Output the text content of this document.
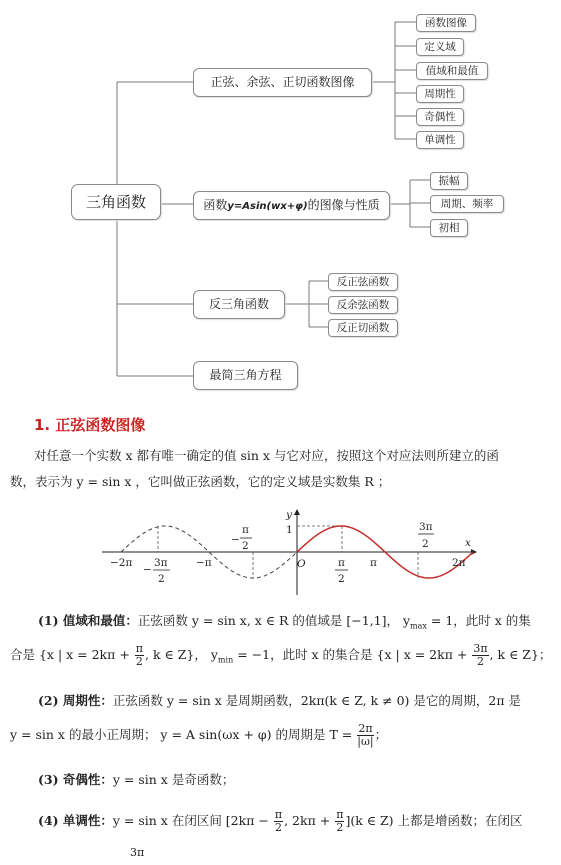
三角函数
正弦、余弦、正切函数图像
函数y=Asin(wx+φ)的图像与性质
反三角函数
最简三角方程
函数图像
定义域
值域和最值
周期性
奇偶性
单调性
振幅
周期、频率
初相
反正弦函数
反余弦函数
反正切函数
1. 正弦函数图像
对任意一个实数 x 都有唯一确定的值 sin x 与它对应，按照这个对应法则所建立的函
数，表示为 y = sin x ，它叫做正弦函数，它的定义域是实数集 R ；
y
x
O
1
−2π
−
3π
2
−π
−
π
2
π
2
π
3π
2
2π
(1) 值域和最值：正弦函数 y = sin x, x ∈ R 的值域是 [−1,1]， $y_{max} = 1$，此时 x 的集
合是 {x | $x = 2k\pi + \frac{\pi}{2}$ , k ∈ Z}， $y_{min} = -1$，此时 x 的集合是 {x | $x = 2k\pi + \frac{3\pi}{2}$ , k ∈ Z}；
(2) 周期性：正弦函数 y = sin x 是周期函数，2kπ(k ∈ Z, k ≠ 0) 是它的周期，2π 是
y = sin x 的最小正周期； y = A sin(ωx + φ) 的周期是 $T = \frac{2\pi}{|\omega|}$ ；
(3) 奇偶性：y = sin x 是奇函数；
(4) 单调性：y = sin x 在闭区间 [$2k\pi - \frac{\pi}{2}$ , $2k\pi + \frac{\pi}{2} ](k$ ∈ Z) 上都是增函数；在闭区
3π
